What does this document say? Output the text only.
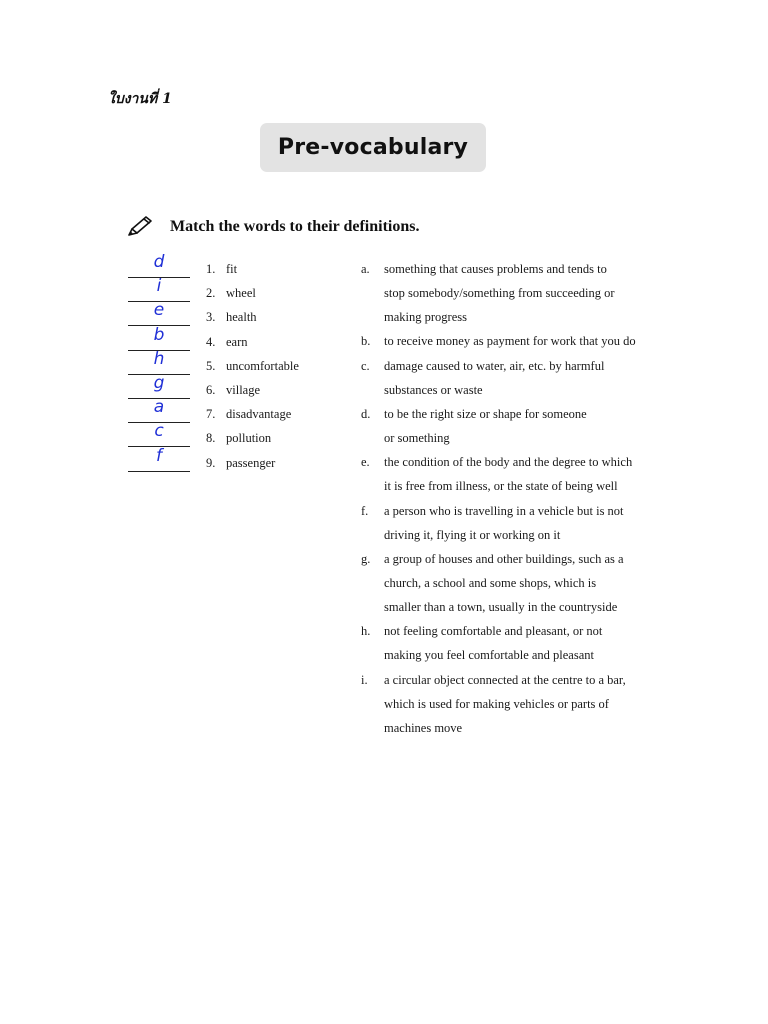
ใบงานที่ 1
Pre-vocabulary
Match the words to their definitions.
d	1. fit
i	2. wheel
e	3. health
b	4. earn
h	5. uncomfortable
g	6. village
a	7. disadvantage
c	8. pollution
f	9. passenger
a. something that causes problems and tends to
stop somebody/something from succeeding or
making progress
b. to receive money as payment for work that you do
c. damage caused to water, air, etc. by harmful
substances or waste
d. to be the right size or shape for someone
or something
e. the condition of the body and the degree to which
it is free from illness, or the state of being well
f. a person who is travelling in a vehicle but is not
driving it, flying it or working on it
g. a group of houses and other buildings, such as a
church, a school and some shops, which is
smaller than a town, usually in the countryside
h. not feeling comfortable and pleasant, or not
making you feel comfortable and pleasant
i. a circular object connected at the centre to a bar,
which is used for making vehicles or parts of
machines move
